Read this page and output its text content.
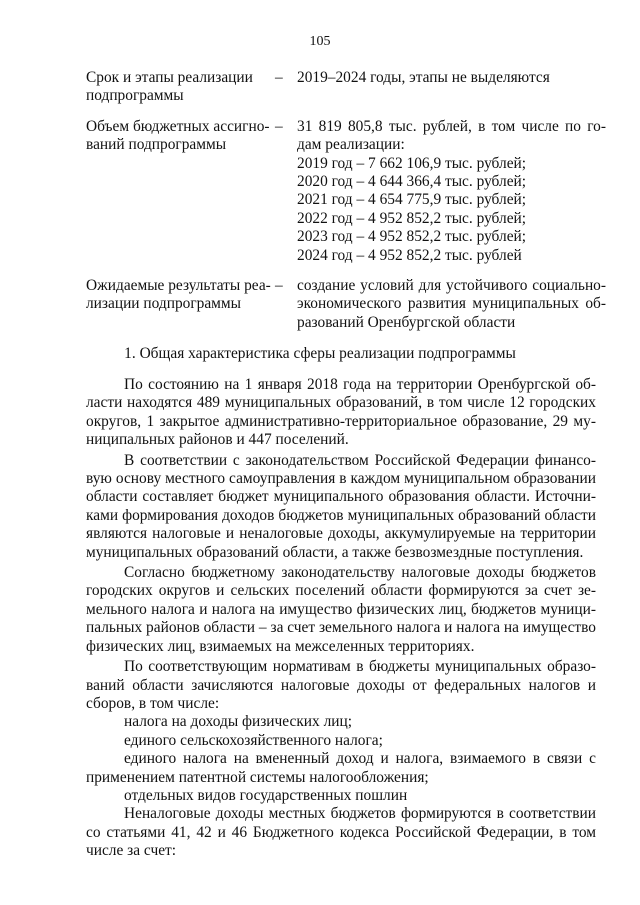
105
Срок и этапы реализации
подпрограммы
– 2019–2024 годы, этапы не выделяются
Объем бюджетных ассигно-
ваний подпрограммы
– 31 819 805,8 тыс. рублей, в том числе по го-
дам реализации:
2019 год – 7 662 106,9 тыс. рублей;
2020 год – 4 644 366,4 тыс. рублей;
2021 год – 4 654 775,9 тыс. рублей;
2022 год – 4 952 852,2 тыс. рублей;
2023 год – 4 952 852,2 тыс. рублей;
2024 год – 4 952 852,2 тыс. рублей
Ожидаемые результаты реа-
лизации подпрограммы
– создание условий для устойчивого социально-
экономического развития муниципальных об-
разований Оренбургской области
1. Общая характеристика сферы реализации подпрограммы
По состоянию на 1 января 2018 года на территории Оренбургской об-
ласти находятся 489 муниципальных образований, в том числе 12 городских
округов, 1 закрытое административно-территориальное образование, 29 му-
ниципальных районов и 447 поселений.
В соответствии с законодательством Российской Федерации финансо-
вую основу местного самоуправления в каждом муниципальном образовании
области составляет бюджет муниципального образования области. Источни-
ками формирования доходов бюджетов муниципальных образований области
являются налоговые и неналоговые доходы, аккумулируемые на территории
муниципальных образований области, а также безвозмездные поступления.
Согласно бюджетному законодательству налоговые доходы бюджетов
городских округов и сельских поселений области формируются за счет зе-
мельного налога и налога на имущество физических лиц, бюджетов муници-
пальных районов области – за счет земельного налога и налога на имущество
физических лиц, взимаемых на межселенных территориях.
По соответствующим нормативам в бюджеты муниципальных образо-
ваний области зачисляются налоговые доходы от федеральных налогов и
сборов, в том числе:
налога на доходы физических лиц;
единого сельскохозяйственного налога;
единого налога на вмененный доход и налога, взимаемого в связи с
применением патентной системы налогообложения;
отдельных видов государственных пошлин
Неналоговые доходы местных бюджетов формируются в соответствии
со статьями 41, 42 и 46 Бюджетного кодекса Российской Федерации, в том
числе за счет:
